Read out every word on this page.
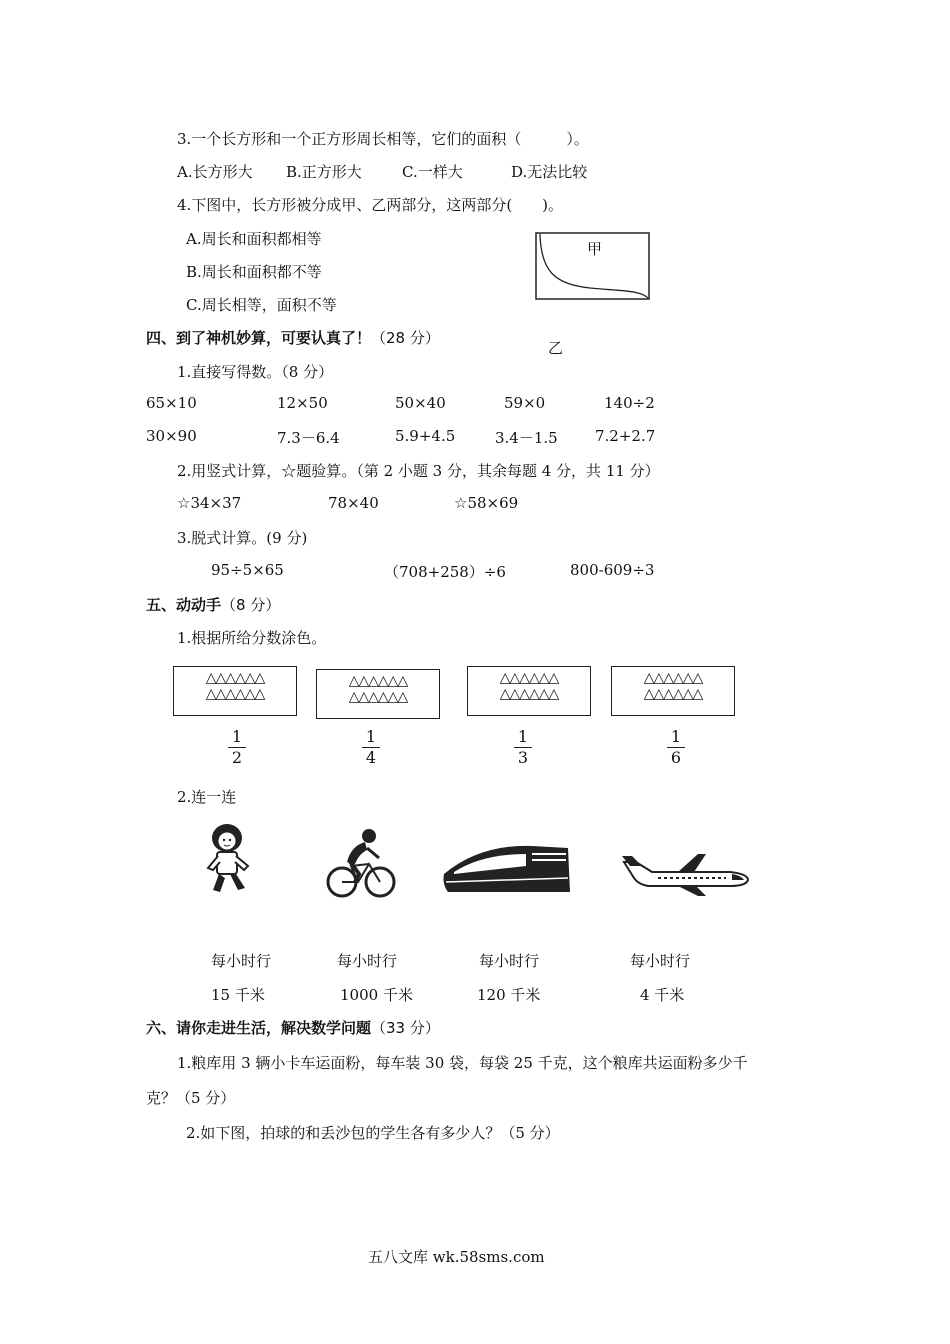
3.一个长方形和一个正方形周长相等，它们的面积（　　　）。
A.长方形大 B.正方形大	C.一样大	D.无法比较
4.下图中，长方形被分成甲、乙两部分，这两部分(　　)。
A.周长和面积都相等
B.周长和面积都不等
C.周长相等，面积不等
甲
乙
四、到了神机妙算，可要认真了！（28 分）
1.直接写得数。（8 分）
65×10	12×50	50×40	59×0	140÷2
30×90	7.3－6.4	5.9+4.5	3.4－1.5 7.2+2.7
2.用竖式计算，☆题验算。（第 2 小题 3 分，其余每题 4 分，共 11 分）
☆34×37	78×40	☆58×69
3.脱式计算。(9 分)
95÷5×65	（708+258）÷6	800-609÷3
五、动动手（8 分）
1.根据所给分数涂色。
△△△△△△
△△△△△△
△△△△△△
△△△△△△
△△△△△△
△△△△△△
△△△△△△
△△△△△△
1
2
1
4
1
3
1
6
2.连一连
每小时行	每小时行	每小时行	每小时行
15 千米	1000 千米	120 千米	4 千米
六、请你走进生活，解决数学问题（33 分）
1.粮库用 3 辆小卡车运面粉，每车装 30 袋，每袋 25 千克，这个粮库共运面粉多少千
克？（5 分）
2.如下图，拍球的和丢沙包的学生各有多少人？（5 分）
五八文库 wk.58sms.com
